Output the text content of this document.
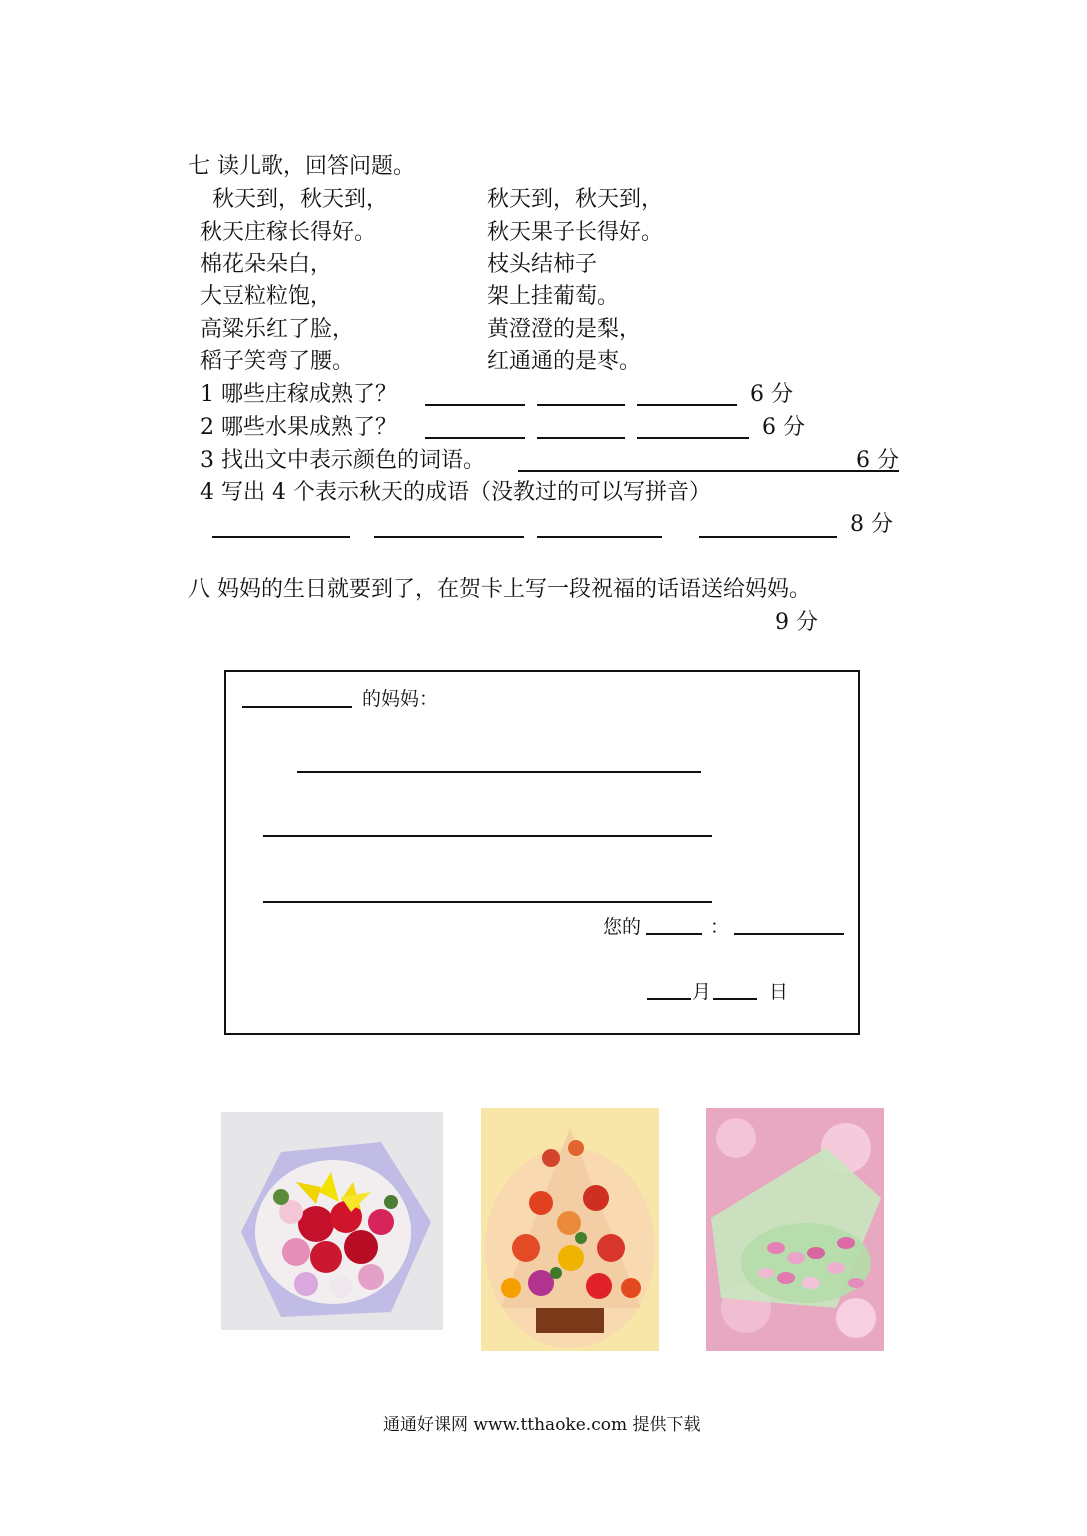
七 读儿歌，回答问题。
秋天到，秋天到，
秋天庄稼长得好。
棉花朵朵白，
大豆粒粒饱，
高粱乐红了脸，
稻子笑弯了腰。
秋天到，秋天到，
秋天果子长得好。
枝头结柿子
架上挂葡萄。
黄澄澄的是梨，
红通通的是枣。
1 哪些庄稼成熟了？	6 分
2 哪些水果成熟了？	6 分
3 找出文中表示颜色的词语。	6 分
4 写出 4 个表示秋天的成语（没教过的可以写拼音）
8 分
八 妈妈的生日就要到了，在贺卡上写一段祝福的话语送给妈妈。
9 分
的妈妈：
您的	：
月	日
通通好课网 www.tthaoke.com 提供下载
